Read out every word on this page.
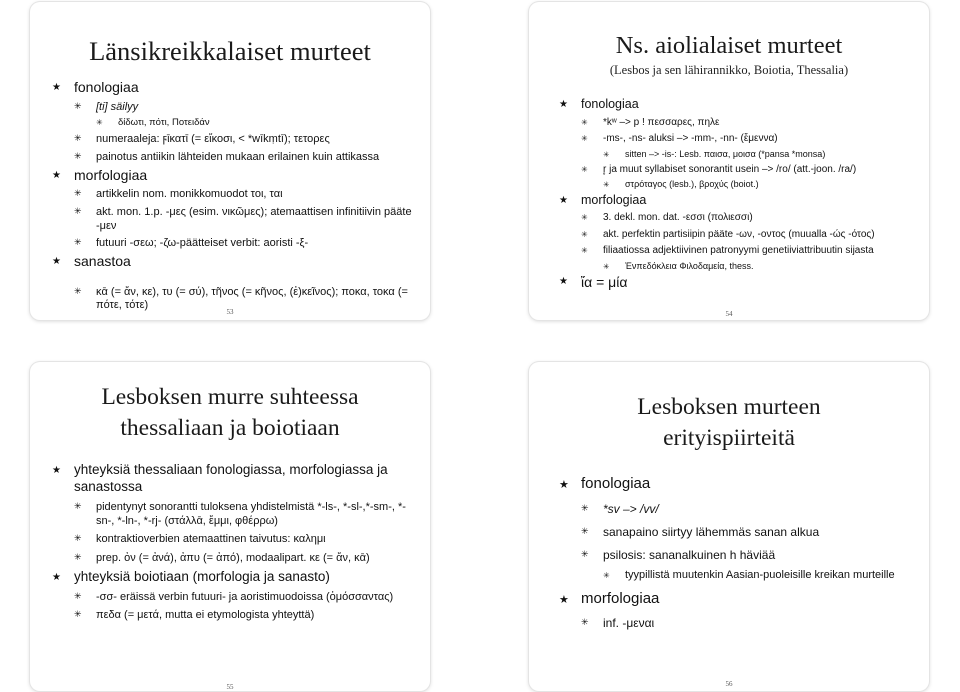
Länsikreikkalaiset murteet
★ fonologiaa
✳ [ti] säilyy
✳ δίδωτι, πότι, Ποτειδάν
✳ numeraaleja: ϝῑκατῑ (= εἴκοσι, < *wīkṃtī); τετορες
✳ painotus antiikin lähteiden mukaan erilainen kuin attikassa
★ morfologiaa
✳ artikkelin nom. monikkomuodot τοι, ται
✳ akt. mon. 1.p. -μες (esim. νικῶμες); atemaattisen infinitiivin pääte -μεν
✳ futuuri -σεω; -ζω-päätteiset verbit: aoristi -ξ-
★ sanastoa
✳ κᾱ (= ἄν, κε), τυ (= σύ), τῆνος (= κῆνος, (ἐ)κεῖνος); ποκα, τοκα (= πότε, τότε)
53
Ns. aiolialaiset murteet
(Lesbos ja sen lähirannikko, Boiotia, Thessalia)
★ fonologiaa
✳ *kʷ –> p ! πεσσαρες, πηλε
✳ -ms-, -ns- aluksi –> -mm-, -nn- (ἔμεννα)
✳ sitten –> -is-: Lesb. παισα, μοισα (*pansa *monsa)
✳ r̥ ja muut syllabiset sonorantit usein –> /ro/ (att.-joon. /ra/)
✳ στρόταγος (lesb.), βροχύς (boiot.)
★ morfologiaa
✳ 3. dekl. mon. dat. -εσσι (πολιεσσι)
✳ akt. perfektin partisiipin pääte -ων, -οντος (muualla -ώς -ότος)
✳ filiaatiossa adjektiivinen patronyymi genetiiviattribuutin sijasta
✳ Ἐνπεδόκλεια Φιλοδαμεία, thess.
★ ἴα = μία
54
Lesboksen murre suhteessa
thessaliaan ja boiotiaan
★ yhteyksiä thessaliaan fonologiassa, morfologiassa ja sanastossa
✳ pidentynyt sonorantti tuloksena yhdistelmistä *-ls-, *-sl-,*-sm-, *-sn-, *-ln-, *-rj- (στάλλᾱ, ἔμμι, φθέρρω)
✳ kontraktioverbien atemaattinen taivutus: καλημι
✳ prep. ὀν (= ἀνά), ἀπυ (= ἀπό), modaalipart. κε (= ἄν, κᾱ)
★ yhteyksiä boiotiaan (morfologia ja sanasto)
✳ -σσ- eräissä verbin futuuri- ja aoristimuodoissa (ὀμόσσαντας)
✳ πεδα (= μετά, mutta ei etymologista yhteyttä)
55
Lesboksen murteen
erityispiirteitä
★ fonologiaa
✳ *sv –> /vv/
✳ sanapaino siirtyy lähemmäs sanan alkua
✳ psilosis: sananalkuinen h häviää
✳ tyypillistä muutenkin Aasian-puoleisille kreikan murteille
★ morfologiaa
✳ inf. -μεναι
56
